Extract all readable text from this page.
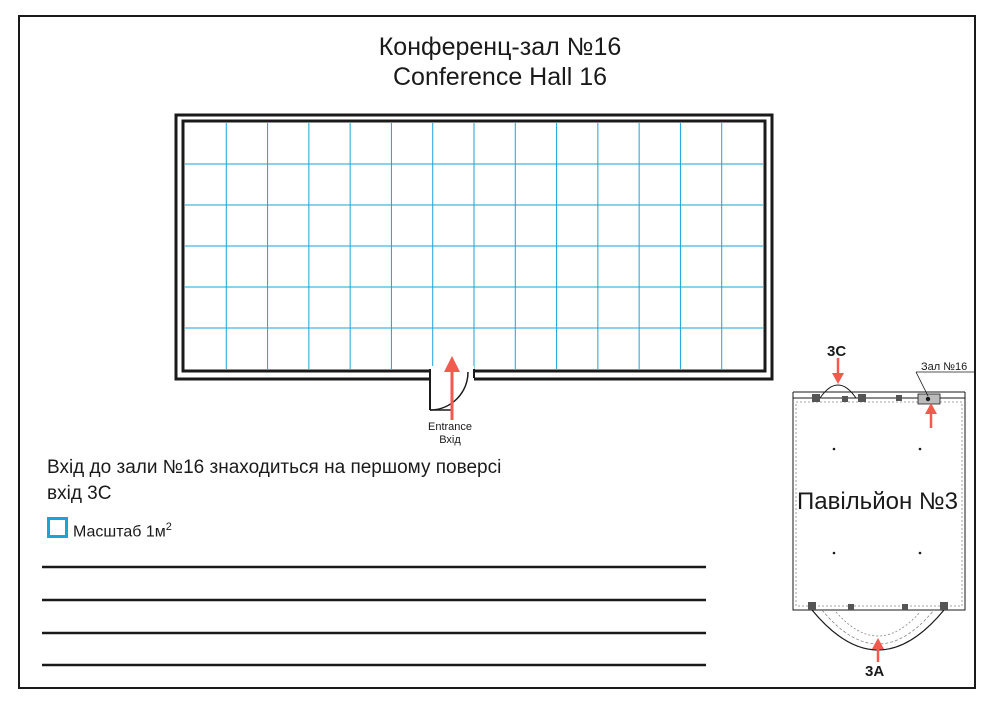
Конференц-зал №16
Conference Hall 16
Entrance
Вхід
Вхід до зали №16 знаходиться на першому поверсі
вхід 3С
Масштаб $1м^2$
3С
3А
Зал №16
Павільйон №3
